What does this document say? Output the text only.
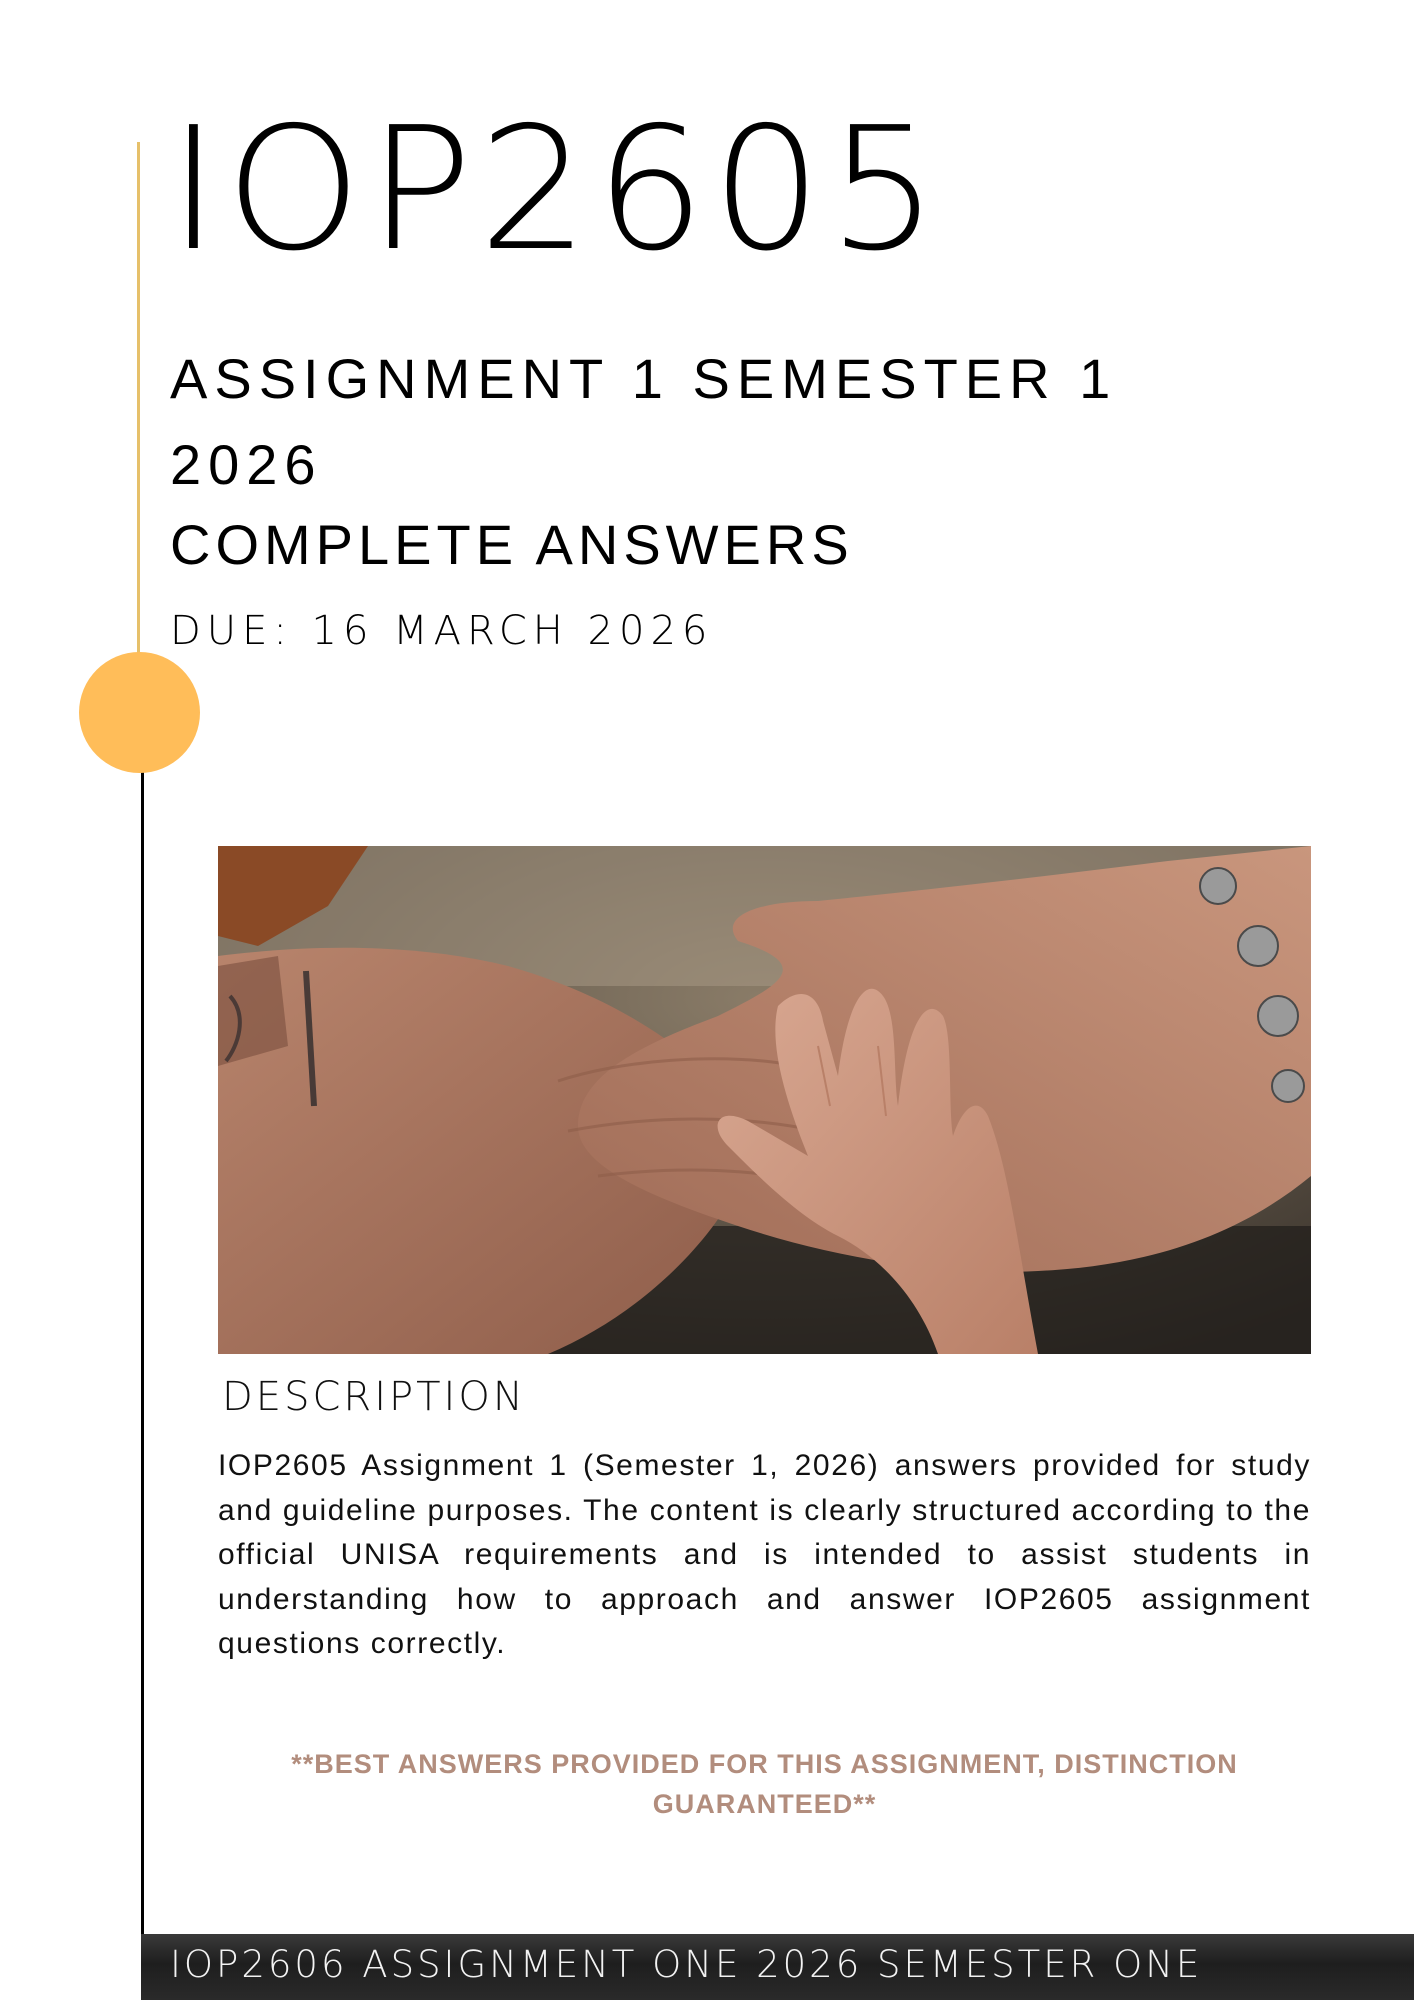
IOP2605
ASSIGNMENT 1 SEMESTER 1 2026
COMPLETE ANSWERS
DUE: 16 MARCH 2026
DESCRIPTION
IOP2605 Assignment 1 (Semester 1, 2026) answers provided for study and guideline purposes. The content is clearly structured according to the official UNISA requirements and is intended to assist students in understanding how to approach and answer IOP2605 assignment questions correctly.
**BEST ANSWERS PROVIDED FOR THIS ASSIGNMENT, DISTINCTION GUARANTEED**
IOP2606 ASSIGNMENT ONE 2026 SEMESTER ONE
